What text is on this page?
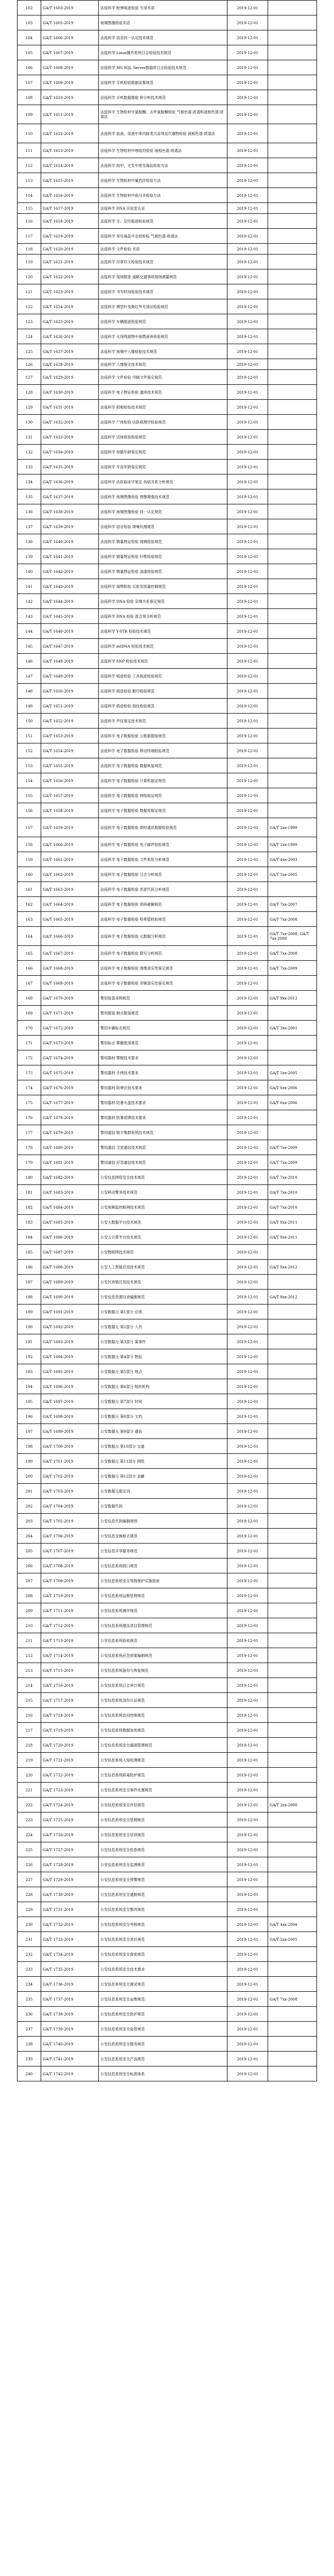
102	GA/T 1603-2019	法庭科学 枪弹痕迹检验 专用术语	2019-12-01	
103	GA/T 1605-2019	视频图像检验术语	2019-12-01	
104	GA/T 1606-2019	法庭科学 语音同一认定技术规范	2019-12-01	
105	GA/T 1607-2019	法庭科学 Linux操作系统日志检验技术规范	2019-12-01	
106	GA/T 1608-2019	法庭科学 MS SQL Server数据库日志检验技术规范	2019-12-01	
107	GA/T 1609-2019	法庭科学 手机检验数据采集规范	2019-12-01	
108	GA/T 1610-2019	法庭科学 手机数据提取 和分析技术规范	2019-12-01	
109	GA/T 1611-2019	法庭科学 生物检材中氯胺酮、去甲氯胺酮检验 气相色谱-质谱和液相色谱-质谱法	2019-12-01	
110	GA/T 1612-2019	法庭科学 血液、尿液中苯丙胺类兴奋剂及代谢物检验 液相色谱-质谱法	2019-12-01	
111	GA/T 1613-2019	法庭科学 生物检材中唑吡坦检验 液相色谱-质谱法	2019-12-01	
112	GA/T 1614-2019	法庭科学 指甲、毛发中常见毒品检验方法	2019-12-01	
113	GA/T 1615-2019	法庭科学 生物检材中氟西泮检验方法	2019-12-01	
114	GA/T 1616-2019	法庭科学 生物检材中曲马多检验方法	2019-12-01	
115	GA/T 1617-2019	法庭科学 DNA 实验室认证	2019-12-01	
116	GA/T 1618-2019	法庭科学 手、足印痕迹检验规范	2019-12-01	
117	GA/T 1619-2019	法庭科学 常见毒品中杂质检验 气相色谱-质谱法	2019-12-01	
118	GA/T 1620-2019	法庭科学 文件检验 术语	2019-12-01	
119	GA/T 1621-2019	法庭科学 印章印文检验技术规范	2019-12-01	
120	GA/T 1622-2019	法庭科学 现场勘查 道路交通事故现场测量规范	2019-12-01	
121	GA/T 1623-2019	法庭科学 书写时间检验技术规范	2019-12-01	
122	GA/T 1624-2019	法庭科学 傅里叶变换红外光谱法检验规范	2019-12-01	
123	GA/T 1625-2019	法庭科学 车辆痕迹检验规范	2019-12-01	
124	GA/T 1626-2019	法庭科学 火场残留物中易燃液体检验规范	2019-12-01	
125	GA/T 1627-2019	法庭科学 视频中人像检验技术规范	2019-12-01	
126	GA/T 1628-2019	法庭科学 人像鉴定技术规范	2019-12-01	
127	GA/T 1629-2019	法庭科学 文件检验 印刷文件鉴定规范	2019-12-01	
128	GA/T 1630-2019	法庭科学 电子物证检验 通用技术规范	2019-12-01	
129	GA/T 1631-2019	法庭科学 照相检验技术规范	2019-12-01	
130	GA/T 1632-2019	法庭科学 尸体检验 法医病理学检验规范	2019-12-01	
131	GA/T 1633-2019	法庭科学 活体损伤检验规范	2019-12-01	
132	GA/T 1634-2019	法庭科学 骨骼年龄鉴定规范	2019-12-01	
133	GA/T 1635-2019	法庭科学 牙齿年龄鉴定规范	2019-12-01	
134	GA/T 1636-2019	法庭科学 法医临床学鉴定 伤病关系分析规范	2019-12-01	
135	GA/T 1637-2019	法庭科学 视频图像检验 图像增强技术规范	2019-12-01	
136	GA/T 1638-2019	法庭科学 视频图像检验 同一认定规范	2019-12-01	
137	GA/T 1639-2019	法庭科学 语音检验 降噪处理规范	2019-12-01	
138	GA/T 1640-2019	法庭科学 微量物证检验 玻璃检验规范	2019-12-01	
139	GA/T 1641-2019	法庭科学 微量物证检验 纤维检验规范	2019-12-01	
140	GA/T 1642-2019	法庭科学 微量物证检验 油漆检验规范	2019-12-01	
141	GA/T 1643-2019	法庭科学 毒物检验 实验室质量控制规范	2019-12-01	
142	GA/T 1644-2019	法庭科学 DNA 检验 亲缘关系鉴定规范	2019-12-01	
143	GA/T 1645-2019	法庭科学 DNA 检验 混合斑分析规范	2019-12-01	
144	GA/T 1646-2019	法庭科学 Y-STR 检验技术规范	2019-12-01	
145	GA/T 1647-2019	法庭科学 mtDNA 检验技术规范	2019-12-01	
146	GA/T 1648-2019	法庭科学 SNP 检验技术规范	2019-12-01	
147	GA/T 1649-2019	法庭科学 痕迹检验 工具痕迹检验规范	2019-12-01	
148	GA/T 1650-2019	法庭科学 痕迹检验 鞋印检验规范	2019-12-01	
149	GA/T 1651-2019	法庭科学 痕迹检验 指纹检验规范	2019-12-01	
150	GA/T 1652-2019	法庭科学 声纹鉴定技术规范	2019-12-01	
151	GA/T 1653-2019	法庭科学 电子数据检验 云数据提取规范	2019-12-01	
152	GA/T 1654-2019	法庭科学 电子数据检验 移动终端检验规范	2019-12-01	
153	GA/T 1655-2019	法庭科学 电子数据检验 数据恢复规范	2019-12-01	
154	GA/T 1656-2019	法庭科学 电子数据检验 计算机取证规范	2019-12-01	
155	GA/T 1657-2019	法庭科学 电子数据检验 网络取证规范	2019-12-01	
156	GA/T 1658-2019	法庭科学 电子数据检验 数据库取证规范	2019-12-01	
157	GA/T 1659-2019	法庭科学 电子数据检验 即时通讯数据检验规范	2019-12-01	GA/T 2xx-1999
158	GA/T 1660-2019	法庭科学 电子数据检验 电子邮件检验规范	2019-12-01	GA/T 2xx-1999
159	GA/T 1661-2019	法庭科学 电子数据检验 文件系统分析规范	2019-12-01	GA/T 4xx-2003
160	GA/T 1662-2019	法庭科学 电子数据检验 日志分析规范	2019-12-01	GA/T 5xx-2005
161	GA/T 1663-2019	法庭科学 电子数据检验 恶意代码分析规范	2019-12-01	
162	GA/T 1664-2019	法庭科学 电子数据检验 密码破解规范	2019-12-01	GA/T 7xx-2007
163	GA/T 1665-2019	法庭科学 电子数据检验 哈希值校验规范	2019-12-01	GA/T 7xx-2008
164	GA/T 1666-2019	法庭科学 电子数据检验 元数据分析规范	2019-12-01	GA/T 7xx-2008; GA/T 7xx-2008
165	GA/T 1667-2019	法庭科学 电子数据检验 隐写分析规范	2019-12-01	GA/T 7xx-2008
166	GA/T 1668-2019	法庭科学 电子数据检验 图像真实性鉴定规范	2019-12-01	GA/T 7xx-2009
167	GA/T 1669-2019	法庭科学 电子数据检验 音频真实性鉴定规范	2019-12-01	
168	GA/T 1670-2019	警用装备采购规范	2019-12-01	GA/T 9xx-2012
169	GA/T 1671-2019	警用服装 制式服装规范	2019-12-01	
170	GA/T 1672-2019	警用车辆标志规范	2019-12-01	GA/T 3xx-2001
171	GA/T 1673-2019	警用标志 警徽使用规范	2019-12-01	
172	GA/T 1674-2019	警用器材 警棍技术要求	2019-12-01	
173	GA/T 1675-2019	警用器材 手铐技术要求	2019-12-01	GA/T 5xx-2005
174	GA/T 1676-2019	警用器材 防弹衣技术要求	2019-12-01	GA/T 6xx-2006
175	GA/T 1677-2019	警用器材 防暴头盔技术要求	2019-12-01	GA/T 6xx-2006
176	GA/T 1678-2019	警用器材 防暴盾牌技术要求	2019-12-01	
177	GA/T 1679-2019	警用通信 数字集群系统技术规范	2019-12-01	
178	GA/T 1680-2019	警用通信 卫星通信技术规范	2019-12-01	GA/T 7xx-2009
179	GA/T 1681-2019	警用通信 应急通信技术规范	2019-12-01	GA/T 7xx-2009
180	GA/T 1682-2019	公安信息网络安全技术规范	2019-12-01	GA/T 7xx-2010
181	GA/T 1683-2019	公安移动警务技术规范	2019-12-01	GA/T 7xx-2010
182	GA/T 1684-2019	公安视频监控联网技术规范	2019-12-01	GA/T 7xx-2010
183	GA/T 1685-2019	公安大数据平台技术规范	2019-12-01	GA/T 8xx-2011
184	GA/T 1686-2019	公安云计算平台技术规范	2019-12-01	GA/T 8xx-2011
185	GA/T 1687-2019	公安物联网技术规范	2019-12-01	
186	GA/T 1688-2019	公安人工智能应用技术规范	2019-12-01	GA/T 8xx-2012
187	GA/T 1689-2019	公安区块链应用技术规范	2019-12-01	
188	GA/T 1690-2019	公安信息资源目录编制规范	2019-12-01	GA/T 8xx-2012
189	GA/T 1691-2019	公安数据元 第1部分 总则	2019-12-01	
190	GA/T 1692-2019	公安数据元 第2部分 人员	2019-12-01	
191	GA/T 1693-2019	公安数据元 第3部分 案事件	2019-12-01	
192	GA/T 1694-2019	公安数据元 第4部分 物品	2019-12-01	
193	GA/T 1695-2019	公安数据元 第5部分 地点	2019-12-01	
194	GA/T 1696-2019	公安数据元 第6部分 组织机构	2019-12-01	
195	GA/T 1697-2019	公安数据元 第7部分 时间	2019-12-01	
196	GA/T 1698-2019	公安数据元 第8部分 文档	2019-12-01	
197	GA/T 1699-2019	公安数据元 第9部分 通信	2019-12-01	
198	GA/T 1700-2019	公安数据元 第10部分 交通	2019-12-01	
199	GA/T 1701-2019	公安数据元 第11部分 网络	2019-12-01	
200	GA/T 1702-2019	公安数据元 第12部分 金融	2019-12-01	
201	GA/T 1703-2019	公安数据元限定词	2019-12-01	
202	GA/T 1704-2019	公安数据代码	2019-12-01	
203	GA/T 1705-2019	公安信息代码编制规则	2019-12-01	
204	GA/T 1706-2019	公安信息交换格式规范	2019-12-01	
205	GA/T 1707-2019	公安信息共享服务规范	2019-12-01	
206	GA/T 1708-2019	公安信息系统接口规范	2019-12-01	
207	GA/T 1709-2019	公安信息系统安全等级保护实施指南	2019-12-01	
208	GA/T 1710-2019	公安信息系统运维管理规范	2019-12-01	
209	GA/T 1711-2019	公安信息系统测评规范	2019-12-01	
210	GA/T 1712-2019	公安信息系统建设项目管理规范	2019-12-01	
211	GA/T 1713-2019	公安信息系统验收规范	2019-12-01	
212	GA/T 1714-2019	公安信息系统应急预案编制规范	2019-12-01	
213	GA/T 1715-2019	公安信息系统备份与恢复规范	2019-12-01	
214	GA/T 1716-2019	公安信息系统日志审计规范	2019-12-01	
215	GA/T 1717-2019	公安信息系统身份认证规范	2019-12-01	
216	GA/T 1718-2019	公安信息系统访问控制规范	2019-12-01	
217	GA/T 1719-2019	公安信息系统数据加密规范	2019-12-01	
218	GA/T 1720-2019	公安信息系统安全漏洞管理规范	2019-12-01	
219	GA/T 1721-2019	公安信息系统入侵检测规范	2019-12-01	
220	GA/T 1722-2019	公安信息系统病毒防护规范	2019-12-01	
221	GA/T 1723-2019	公安信息系统安全事件处置规范	2019-12-01	
222	GA/T 1724-2019	公安信息系统安全评估规范	2019-12-01	GA/T 2xx-2000
223	GA/T 1725-2019	公安信息系统安全管理规范	2019-12-01	
224	GA/T 1726-2019	公安信息系统安全培训规范	2019-12-01	
225	GA/T 1727-2019	公安信息系统安全检查规范	2019-12-01	
226	GA/T 1728-2019	公安信息系统安全监测规范	2019-12-01	
227	GA/T 1729-2019	公安信息系统安全预警规范	2019-12-01	
228	GA/T 1730-2019	公安信息系统安全通报规范	2019-12-01	
229	GA/T 1731-2019	公安信息系统安全整改规范	2019-12-01	
230	GA/T 1732-2019	公安信息系统安全考核规范	2019-12-01	GA/T 4xx-2004
231	GA/T 1733-2019	公安信息系统安全责任规范	2019-12-01	GA/T 5xx-2005
232	GA/T 1734-2019	公安信息系统安全保密规范	2019-12-01	
233	GA/T 1735-2019	公安信息系统安全技术要求	2019-12-01	
234	GA/T 1736-2019	公安信息系统安全测试规范	2019-12-01	
235	GA/T 1737-2019	公安信息系统安全运维规范	2019-12-01	GA/T 7xx-2008
236	GA/T 1738-2019	公安信息系统安全防护规范	2019-12-01	
237	GA/T 1739-2019	公安信息系统安全监管规范	2019-12-01	
238	GA/T 1740-2019	公安信息系统安全服务规范	2019-12-01	
239	GA/T 1741-2019	公安信息系统安全产品规范	2019-12-01	
240	GA/T 1742-2019	公安信息系统安全标准体系	2019-12-01	
